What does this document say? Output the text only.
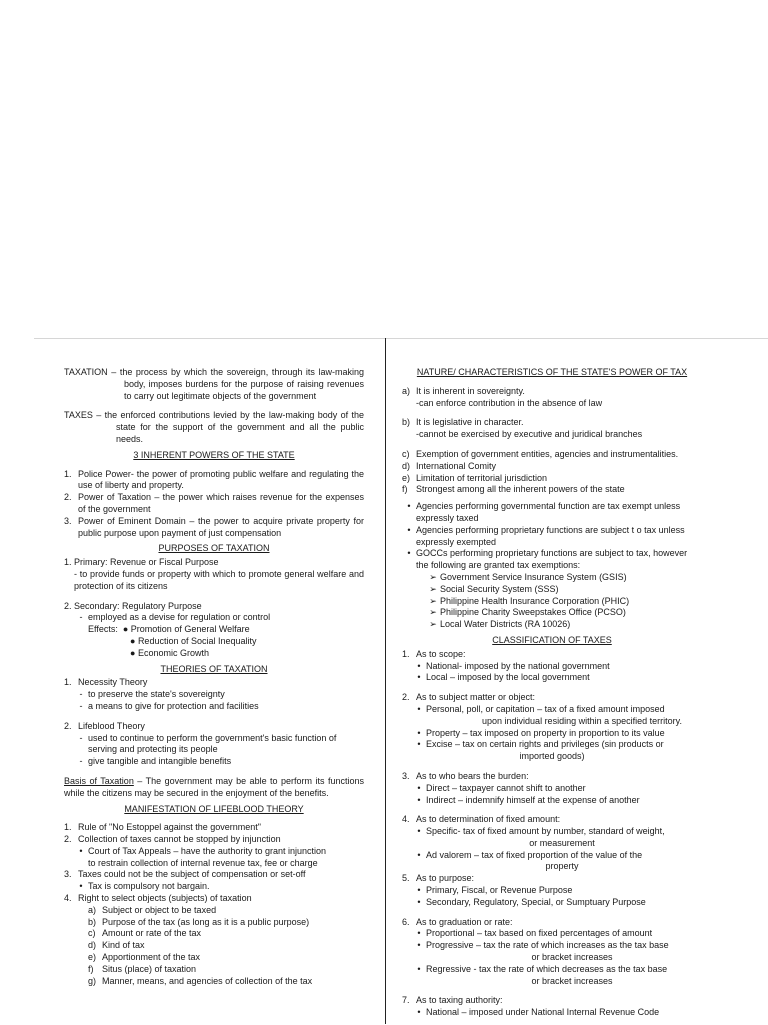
TAXATION – the process by which the sovereign, through its law-making body, imposes burdens for the purpose of raising revenues to carry out legitimate objects of the government
TAXES – the enforced contributions levied by the law-making body of the state for the support of the government and all the public needs.
3 INHERENT POWERS OF THE STATE
1. Police Power- the power of promoting public welfare and regulating the use of liberty and property.
2. Power of Taxation – the power which raises revenue for the expenses of the government
3. Power of Eminent Domain – the power to acquire private property for public purpose upon payment of just compensation
PURPOSES OF TAXATION
1. Primary: Revenue or Fiscal Purpose
- to provide funds or property with which to promote general welfare and protection of its citizens
2. Secondary: Regulatory Purpose
- employed as a devise for regulation or control
Effects:  ● Promotion of General Welfare
● Reduction of Social Inequality
● Economic Growth
THEORIES OF TAXATION
1. Necessity Theory
- to preserve the state's sovereignty
- a means to give for protection and facilities
2. Lifeblood Theory
- used to continue to perform the government's basic function of serving and protecting its people
- give tangible and intangible benefits
Basis of Taxation – The government may be able to perform its functions while the citizens may be secured in the enjoyment of the benefits.
MANIFESTATION OF LIFEBLOOD THEORY
1. Rule of "No Estoppel against the government"
2. Collection of taxes cannot be stopped by injunction
• Court of Tax Appeals – have the authority to grant injunction
to restrain collection of internal revenue tax, fee or charge
3. Taxes could not be the subject of compensation or set-off
• Tax is compulsory not bargain.
4. Right to select objects (subjects) of taxation
a) Subject or object to be taxed
b) Purpose of the tax (as long as it is a public purpose)
c) Amount or rate of the tax
d) Kind of tax
e) Apportionment of the tax
f) Situs (place) of taxation
g) Manner, means, and agencies of collection of the tax
NATURE/ CHARACTERISTICS OF THE STATE'S POWER OF TAX
a) It is inherent in sovereignty.
-can enforce contribution in the absence of law
b) It is legislative in character.
-cannot be exercised by executive and juridical branches
c) Exemption of government entities, agencies and instrumentalities.
d) International Comity
e) Limitation of territorial jurisdiction
f) Strongest among all the inherent powers of the state
• Agencies performing governmental function are tax exempt unless expressly taxed
• Agencies performing proprietary functions are subject t o tax unless expressly exempted
• GOCCs performing proprietary functions are subject to tax, however the following are granted tax exemptions:
➢ Government Service Insurance System (GSIS)
➢ Social Security System (SSS)
➢ Philippine Health Insurance Corporation (PHIC)
➢ Philippine Charity Sweepstakes Office (PCSO)
➢ Local Water Districts (RA 10026)
CLASSIFICATION OF TAXES
1. As to scope:
• National- imposed by the national government
• Local – imposed by the local government
2. As to subject matter or object:
• Personal, poll, or capitation – tax of a fixed amount imposed
upon individual residing within a specified territory.
• Property – tax imposed on property in proportion to its value
• Excise – tax on certain rights and privileges (sin products or
imported goods)
3. As to who bears the burden:
• Direct – taxpayer cannot shift to another
• Indirect – indemnify himself at the expense of another
4. As to determination of fixed amount:
• Specific- tax of fixed amount by number, standard of weight,
or measurement
• Ad valorem – tax of fixed proportion of the value of the
property
5. As to purpose:
• Primary, Fiscal, or Revenue Purpose
• Secondary, Regulatory, Special, or Sumptuary Purpose
6. As to graduation or rate:
• Proportional – tax based on fixed percentages of amount
• Progressive – tax the rate of which increases as the tax base
or bracket increases
• Regressive - tax the rate of which decreases as the tax base
or bracket increases
7. As to taxing authority:
• National – imposed under National Internal Revenue Code
